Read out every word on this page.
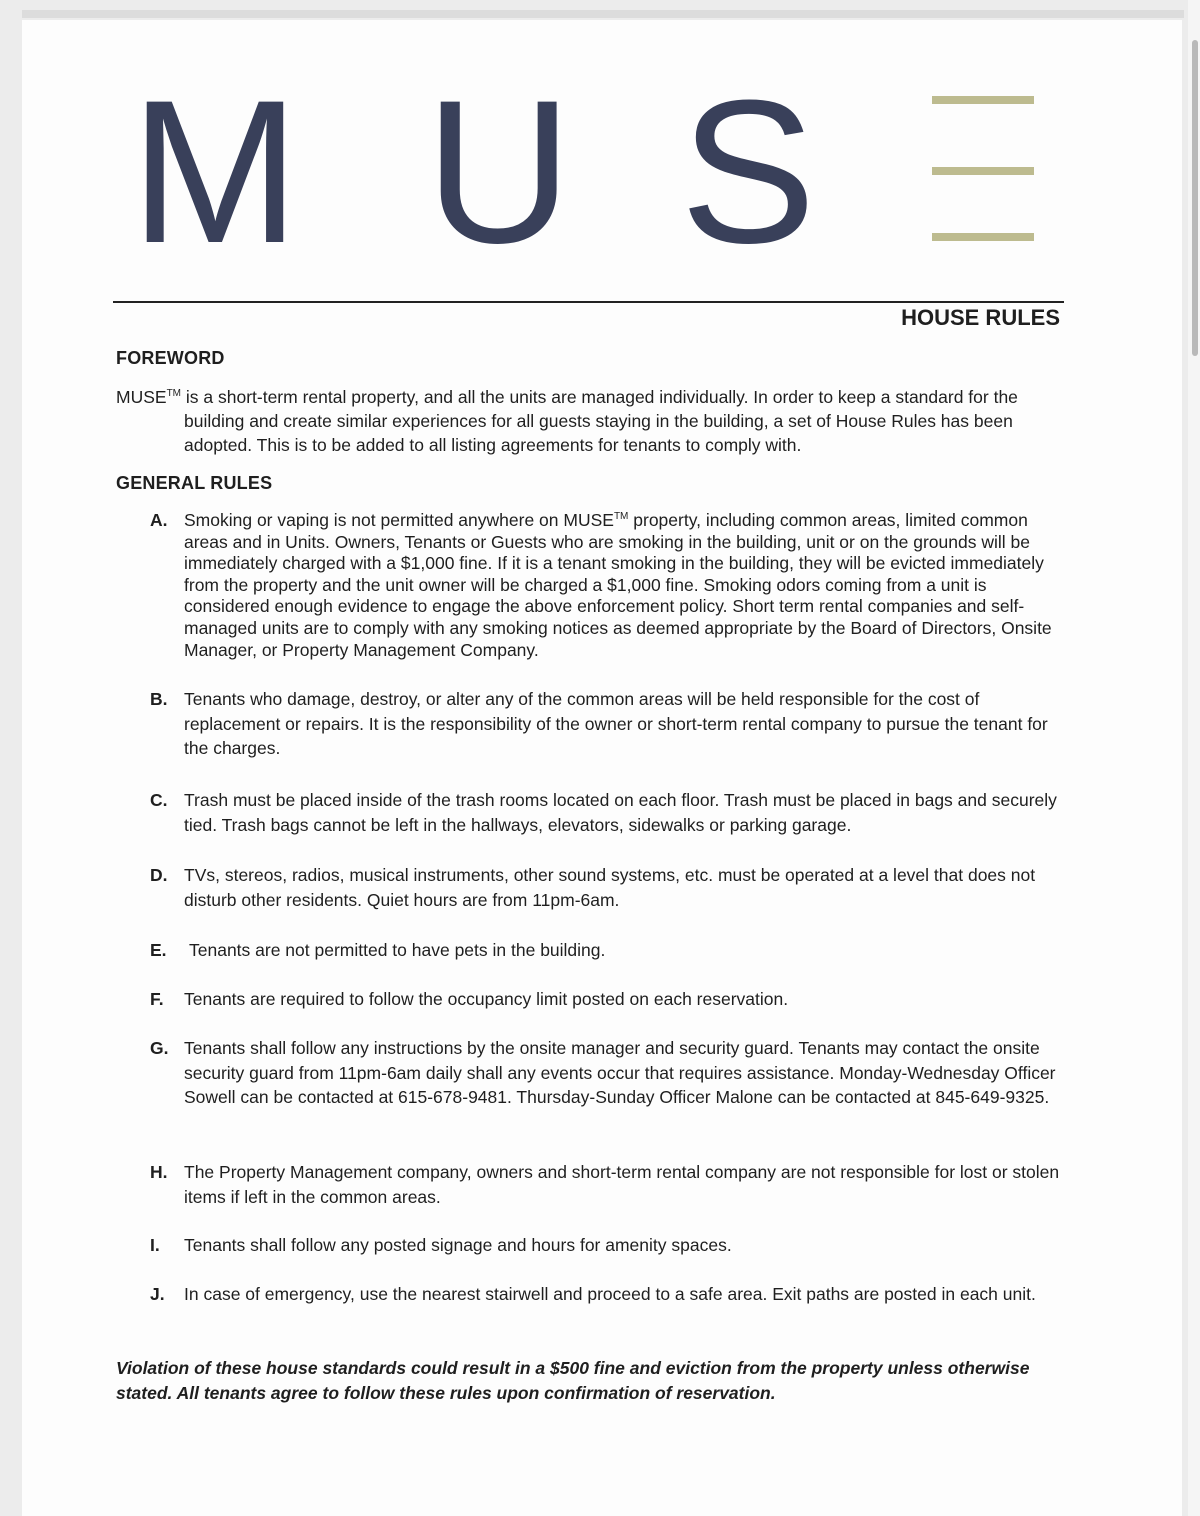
M U S
HOUSE RULES
FOREWORD
MUSE™ is a short-term rental property, and all the units are managed individually. In order to keep a standard for the building and create similar experiences for all guests staying in the building, a set of House Rules has been adopted. This is to be added to all listing agreements for tenants to comply with.
GENERAL RULES
A. Smoking or vaping is not permitted anywhere on MUSE™ property, including common areas, limited common areas and in Units. Owners, Tenants or Guests who are smoking in the building, unit or on the grounds will be immediately charged with a $1,000 fine. If it is a tenant smoking in the building, they will be evicted immediately from the property and the unit owner will be charged a $1,000 fine. Smoking odors coming from a unit is considered enough evidence to engage the above enforcement policy. Short term rental companies and self-managed units are to comply with any smoking notices as deemed appropriate by the Board of Directors, Onsite Manager, or Property Management Company.
B. Tenants who damage, destroy, or alter any of the common areas will be held responsible for the cost of replacement or repairs. It is the responsibility of the owner or short-term rental company to pursue the tenant for the charges.
C. Trash must be placed inside of the trash rooms located on each floor. Trash must be placed in bags and securely tied. Trash bags cannot be left in the hallways, elevators, sidewalks or parking garage.
D. TVs, stereos, radios, musical instruments, other sound systems, etc. must be operated at a level that does not disturb other residents. Quiet hours are from 11pm-6am.
E. Tenants are not permitted to have pets in the building.
F. Tenants are required to follow the occupancy limit posted on each reservation.
G. Tenants shall follow any instructions by the onsite manager and security guard. Tenants may contact the onsite security guard from 11pm-6am daily shall any events occur that requires assistance. Monday-Wednesday Officer Sowell can be contacted at 615-678-9481. Thursday-Sunday Officer Malone can be contacted at 845-649-9325.
H. The Property Management company, owners and short-term rental company are not responsible for lost or stolen items if left in the common areas.
I. Tenants shall follow any posted signage and hours for amenity spaces.
J. In case of emergency, use the nearest stairwell and proceed to a safe area. Exit paths are posted in each unit.
Violation of these house standards could result in a $500 fine and eviction from the property unless otherwise stated. All tenants agree to follow these rules upon confirmation of reservation.
